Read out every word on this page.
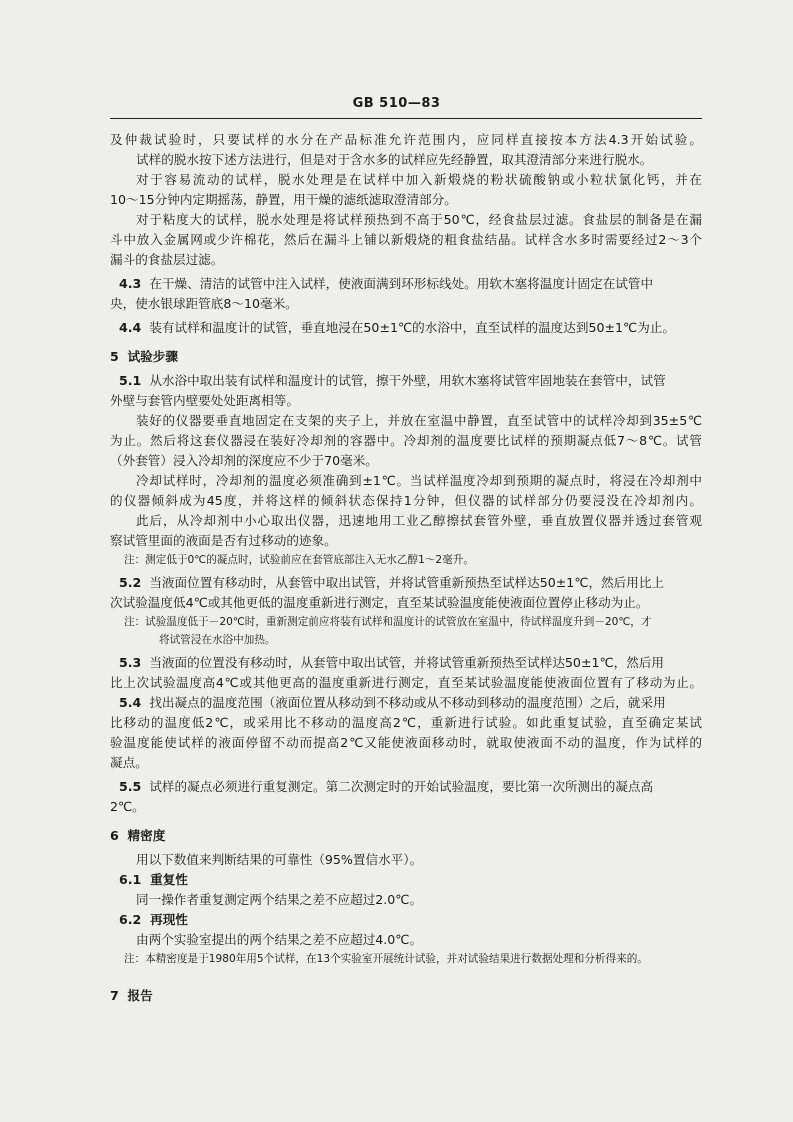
GB 510—83
及仲裁试验时，只要试样的水分在产品标准允许范围内，应同样直接按本方法4.3开始试验。
试样的脱水按下述方法进行，但是对于含水多的试样应先经静置，取其澄清部分来进行脱水。
对于容易流动的试样，脱水处理是在试样中加入新煅烧的粉状硫酸钠或小粒状氯化钙，并在
10～15分钟内定期摇荡，静置，用干燥的滤纸滤取澄清部分。
对于粘度大的试样，脱水处理是将试样预热到不高于50℃，经食盐层过滤。食盐层的制备是在漏
斗中放入金属网或少许棉花，然后在漏斗上铺以新煅烧的粗食盐结晶。试样含水多时需要经过2～3个
漏斗的食盐层过滤。
4.3 在干燥、清洁的试管中注入试样，使液面满到环形标线处。用软木塞将温度计固定在试管中
央，使水银球距管底8～10毫米。
4.4 装有试样和温度计的试管，垂直地浸在50±1℃的水浴中，直至试样的温度达到50±1℃为止。
5 试验步骤
5.1 从水浴中取出装有试样和温度计的试管，擦干外壁，用软木塞将试管牢固地装在套管中，试管
外壁与套管内壁要处处距离相等。
装好的仪器要垂直地固定在支架的夹子上，并放在室温中静置，直至试管中的试样冷却到35±5℃
为止。然后将这套仪器浸在装好冷却剂的容器中。冷却剂的温度要比试样的预期凝点低7～8℃。试管
（外套管）浸入冷却剂的深度应不少于70毫米。
冷却试样时，冷却剂的温度必须准确到±1℃。当试样温度冷却到预期的凝点时，将浸在冷却剂中
的仪器倾斜成为45度，并将这样的倾斜状态保持1分钟，但仪器的试样部分仍要浸没在冷却剂内。
此后，从冷却剂中小心取出仪器，迅速地用工业乙醇擦拭套管外壁，垂直放置仪器并透过套管观
察试管里面的液面是否有过移动的迹象。
注：测定低于0℃的凝点时，试验前应在套管底部注入无水乙醇1～2毫升。
5.2 当液面位置有移动时，从套管中取出试管，并将试管重新预热至试样达50±1℃，然后用比上
次试验温度低4℃或其他更低的温度重新进行测定，直至某试验温度能使液面位置停止移动为止。
注：试验温度低于－20℃时，重新测定前应将装有试样和温度计的试管放在室温中，待试样温度升到－20℃，才
将试管浸在水浴中加热。
5.3 当液面的位置没有移动时，从套管中取出试管，并将试管重新预热至试样达50±1℃，然后用
比上次试验温度高4℃或其他更高的温度重新进行测定，直至某试验温度能使液面位置有了移动为止。
5.4 找出凝点的温度范围（液面位置从移动到不移动或从不移动到移动的温度范围）之后，就采用
比移动的温度低2℃，或采用比不移动的温度高2℃，重新进行试验。如此重复试验，直至确定某试
验温度能使试样的液面停留不动而提高2℃又能使液面移动时，就取使液面不动的温度，作为试样的
凝点。
5.5 试样的凝点必须进行重复测定。第二次测定时的开始试验温度，要比第一次所测出的凝点高
2℃。
6 精密度
用以下数值来判断结果的可靠性（95%置信水平）。
6.1 重复性
同一操作者重复测定两个结果之差不应超过2.0℃。
6.2 再现性
由两个实验室提出的两个结果之差不应超过4.0℃。
注：本精密度是于1980年用5个试样，在13个实验室开展统计试验，并对试验结果进行数据处理和分析得来的。
7 报告
